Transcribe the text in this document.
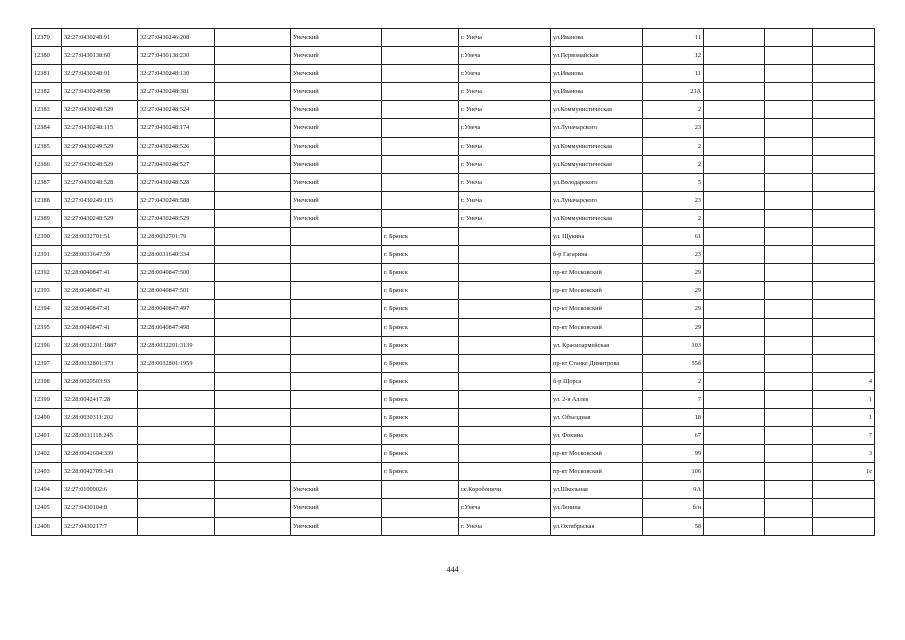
12379	32:27:0430248:91	32:27:0430246:208		Унечский		г. Унеча	ул.Иванова	11			
12380	32:27:0430138:60	32:27:0430138:230		Унечский		г.Унеча	ул.Первомайская	12			
12381	32:27:0430248:91	32:27:0430248:130		Унечский		г.Унеча	ул.Иванова	11			
12382	32:27:0430249:98	32:27:0430248:381		Унечский		г. Унеча	ул.Иванова	23А			
12383	32:27:0430248:529	32:27:0430248:524		Унечский		г. Унеча	ул.Коммунистическая	2			
12384	32:27:0430248:115	32:27:0430248:174		Унечский		г.Унеча	ул.Луначарского	23			
12385	32:27:0430249:529	32:27:0430248:526		Унечский		г. Унеча	ул.Коммунистическая	2			
12386	32:27:0430248:529	32:27:0430248:527		Унечский		г. Унеча	ул.Коммунистическая	2			
12387	32:27:0430248:528	32:27:0430248:528		Унечский		г. Унеча	ул.Володарского	5			
12388	32:27:0430249:115	32:27:0430248:588		Унечский		г. Унеча	ул.Луначарского	23			
12389	32:27:0430248:529	32:27:0430248:529		Унечский		г. Унеча	ул.Коммунистическая	2			
12390	32:28:0032701:51	32:28:0032701:79			г. Брянск		ул. Щукина	61			
12391	32:28:0031647:59	32:28:0031640:334			г. Брянск		б-р Гагарина	23			
12392	32:28:0040847:41	32:28:0040847:500			г. Брянск		пр-кт Московский	29			
12393	32:28:0040847:41	32:28:0040847:501			г. Брянск		пр-кт Московский	29			
12394	32:28:0040847:41	32:28:0040847:497			г. Брянск		пр-кт Московский	29			
12395	32:28:0040847:41	32:28:0040847:498			г. Брянск		пр-кт Московский	29			
12396	32:28:0032201:1887	32:28:0032201:3139			г. Брянск		ул. Красноармейская	103			
12397	32:28:0032801:373	32:28:0032801:1959			г. Брянск		пр-кт Станке Димитрова	55б			
12398	32:28:0020503:93				г. Брянск		б-р Щорса	2			4
12399	32:28:0042417:28				г. Брянск		ул. 2-я Аллея	7			1
12400	32:28:0030311:202				г. Брянск		ул. Объездная	18			1
12401	32:28:0031118:245				г. Брянск		ул. Фокина	67			7
12402	32:28:0041604:339				г. Брянск		пр-кт Московский	99			3
12403	32:28:0042709:343				г. Брянск		пр-кт Московский	106			1с
12404	32:27:0100902:6			Унечский		сс.Коробоничи	ул.Школьная	9А			
12405	32:27:0430104:8			Унечский		г.Унеча	ул.Ленина	б/н			
12406	32:27:0430217:7			Унечский		г. Унеча	ул.Октябрьская	58			
444
